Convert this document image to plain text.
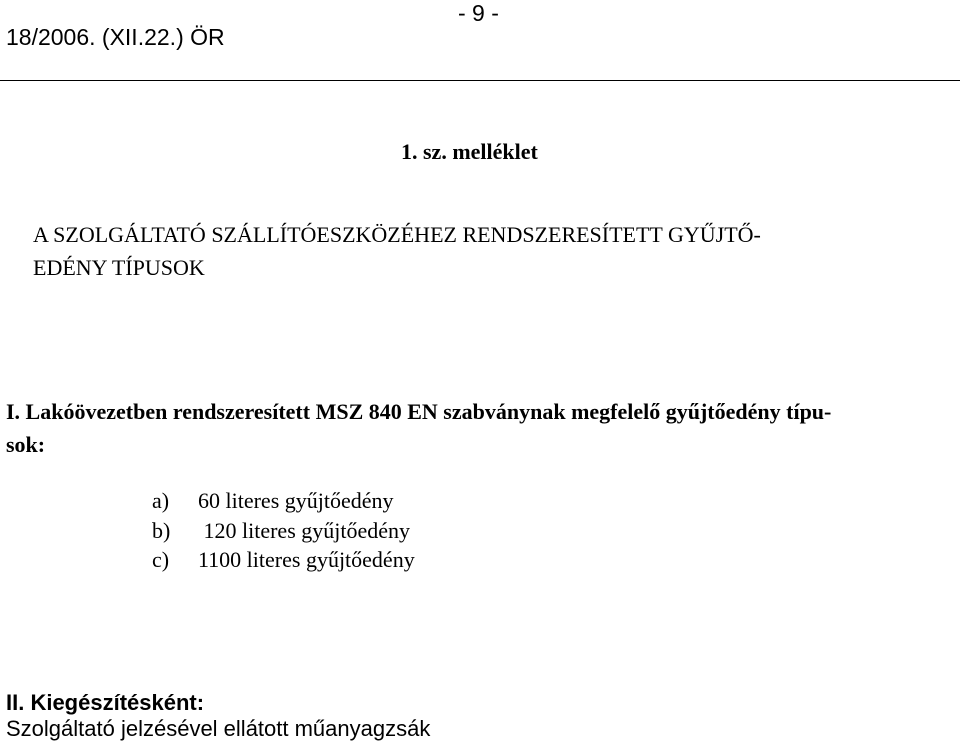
18/2006. (XII.22.) ÖR
- 9 -
1. sz. melléklet
A SZOLGÁLTATÓ SZÁLLÍTÓESZKÖZÉHEZ RENDSZERESÍTETT GYŰJTŐ-
EDÉNY TÍPUSOK
I. Lakóövezetben rendszeresített MSZ 840 EN szabványnak megfelelő gyűjtőedény típu-
sok:
a)	60 literes gyűjtőedény
b)	120 literes gyűjtőedény
c)	1100 literes gyűjtőedény
II. Kiegészítésként:
Szolgáltató jelzésével ellátott műanyagzsák
